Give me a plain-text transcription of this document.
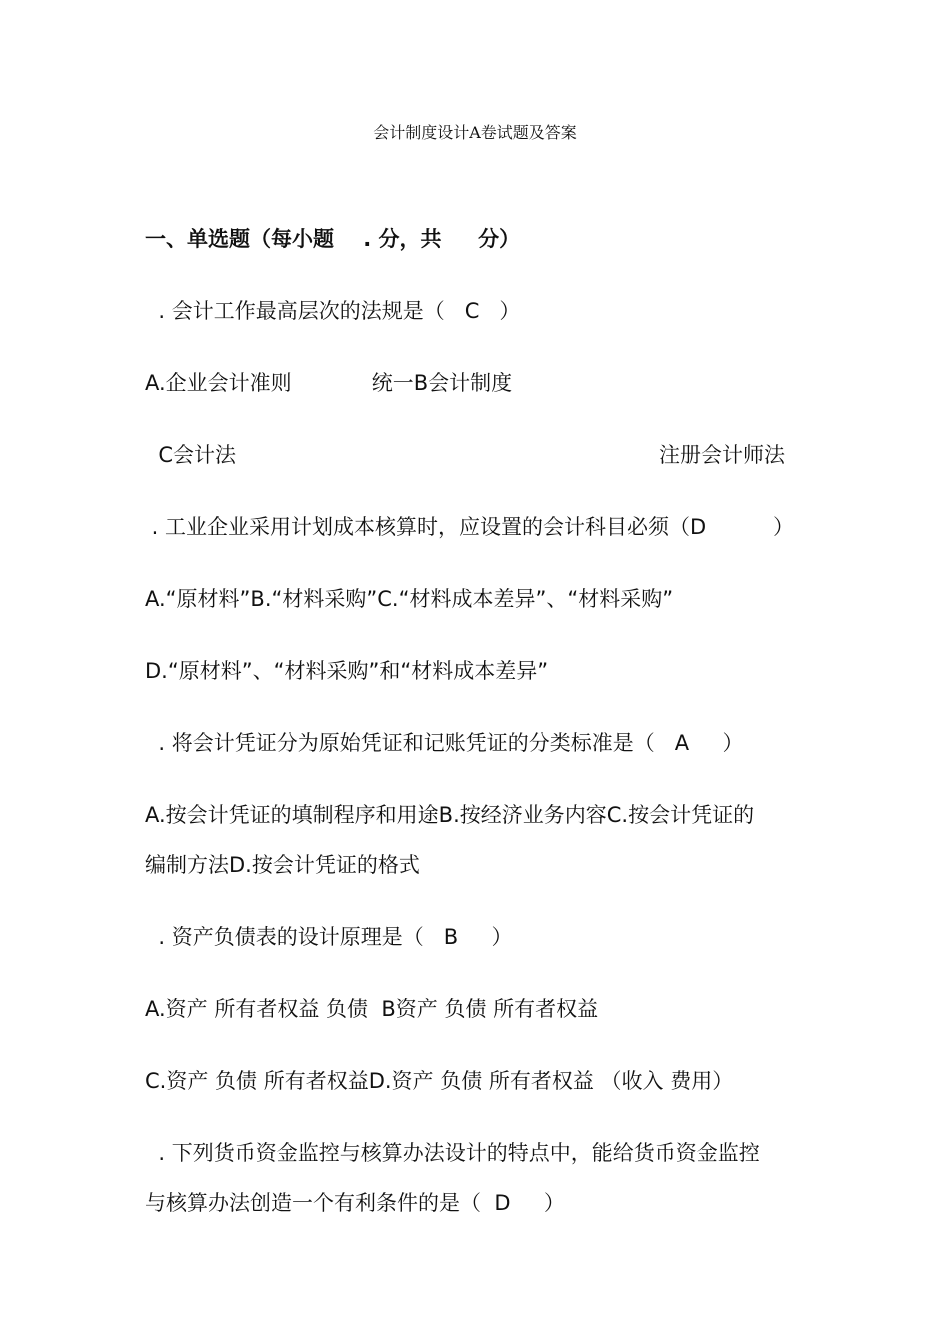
会计制度设计A卷试题及答案
一、单选题（每小题    . 分，共     分）
. 会计工作最高层次的法规是（   C   ）
A.企业会计准则            统一B会计制度
C会计法	注册会计师法
. 工业企业采用计划成本核算时，应设置的会计科目必须（D          ）
A.“原材料”B.“材料采购”C.“材料成本差异”、“材料采购”
D.“原材料”、“材料采购”和“材料成本差异”
. 将会计凭证分为原始凭证和记账凭证的分类标准是（   A     ）
A.按会计凭证的填制程序和用途B.按经济业务内容C.按会计凭证的
编制方法D.按会计凭证的格式
. 资产负债表的设计原理是（   B     ）
A.资产 所有者权益 负债  B资产 负债 所有者权益
C.资产 负债 所有者权益D.资产 负债 所有者权益 （收入 费用）
. 下列货币资金监控与核算办法设计的特点中，能给货币资金监控
与核算办法创造一个有利条件的是（  D     ）
